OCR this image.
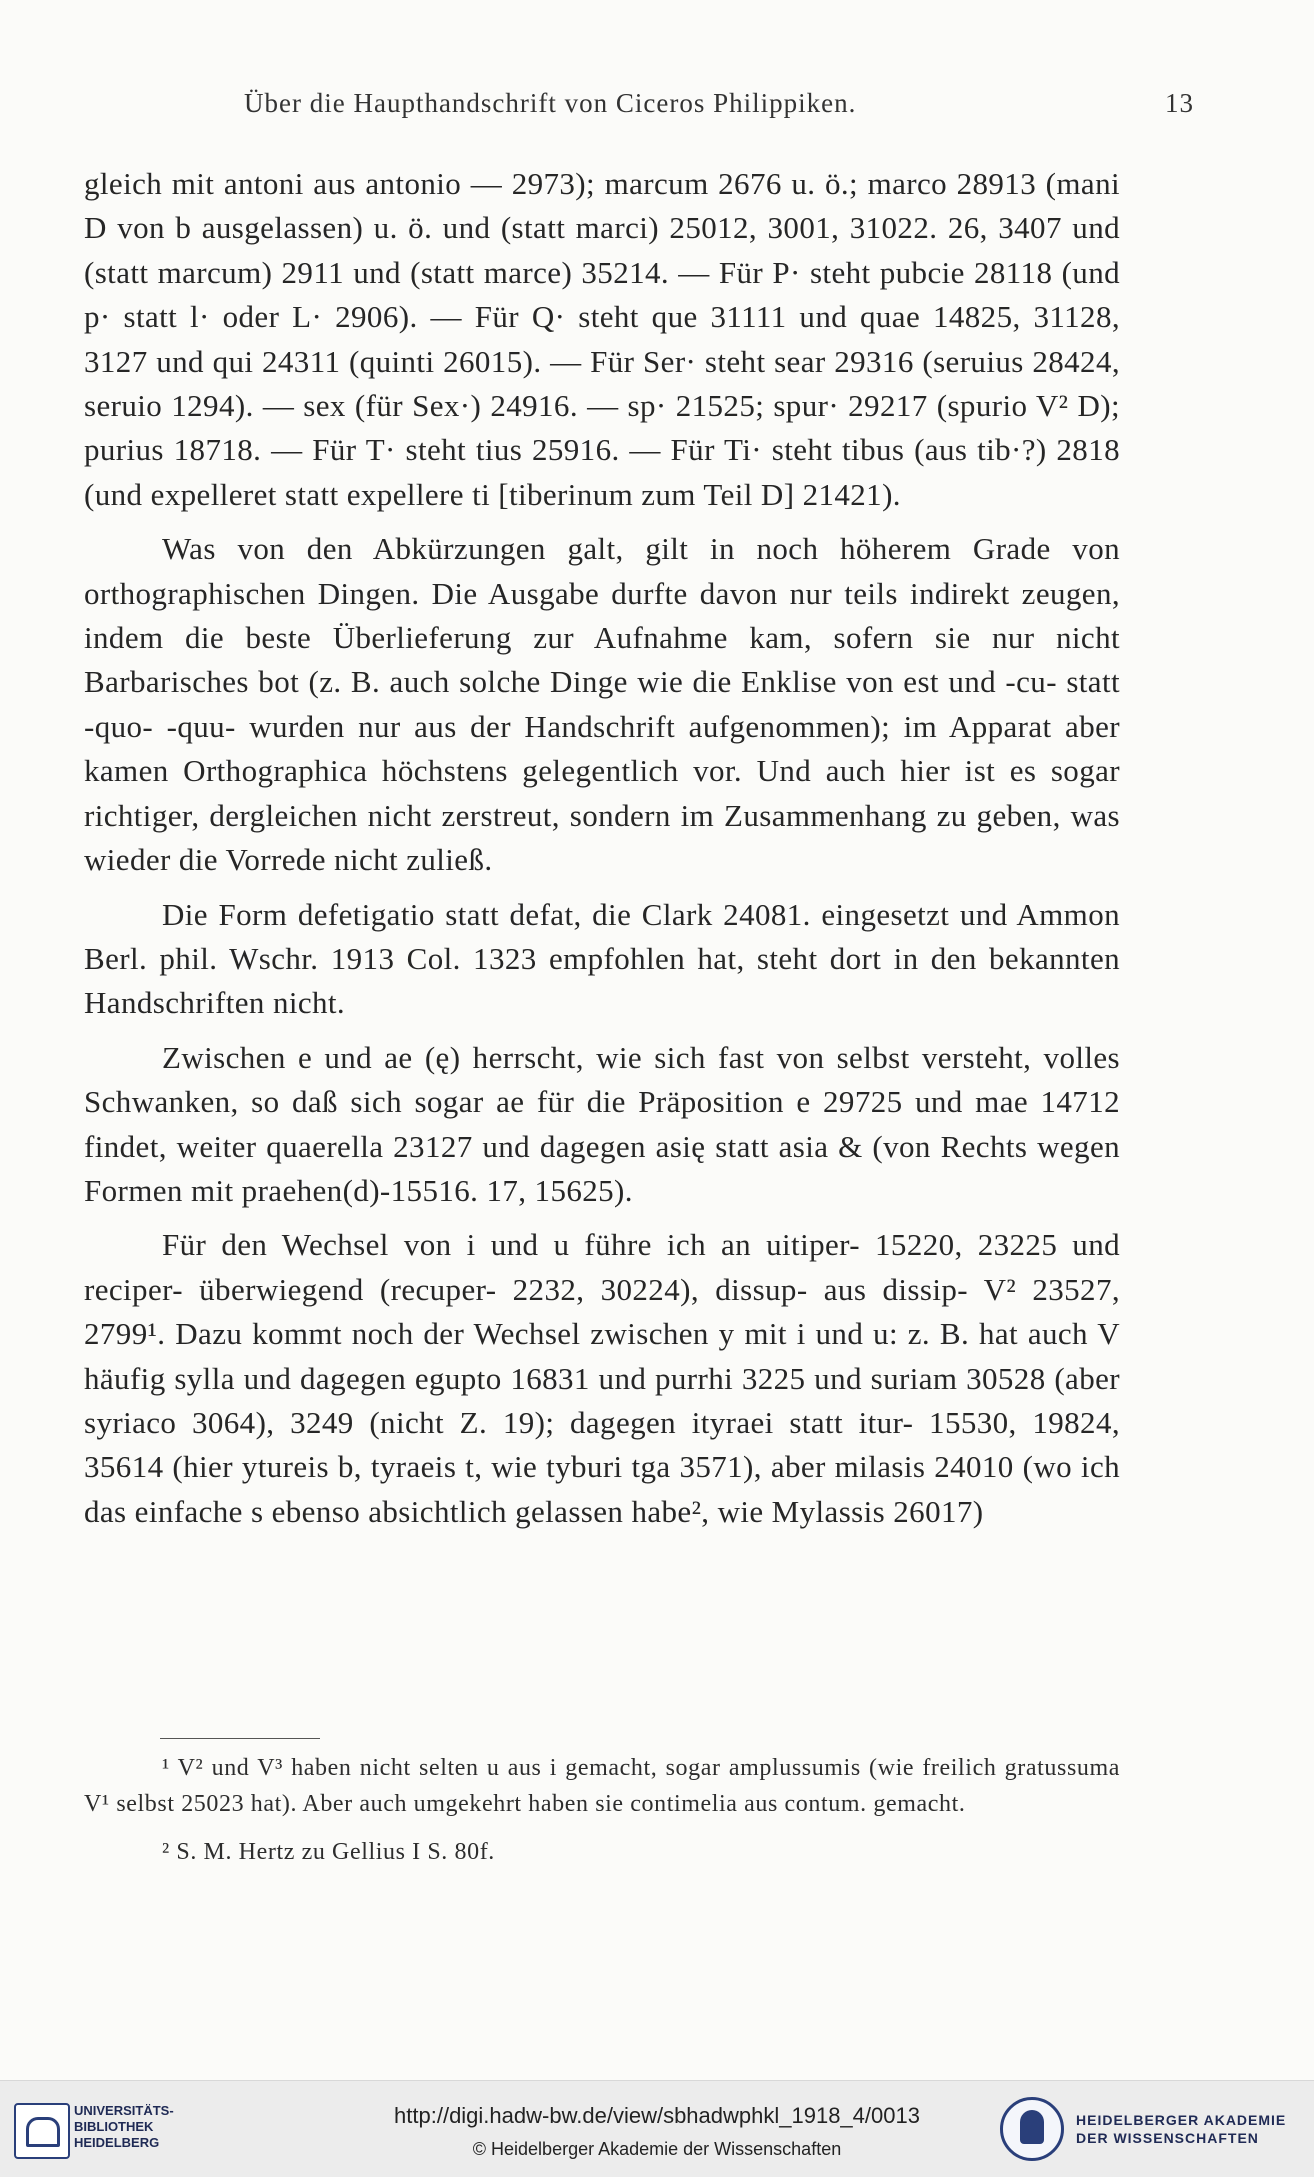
Über die Haupthandschrift von Ciceros Philippiken.	13

gleich mit antoni aus antonio — 2973); marcum 2676 u. ö.; marco 28913 (mani D von b ausgelassen) u. ö. und (statt marci) 25012, 3001, 31022. 26, 3407 und (statt marcum) 2911 und (statt marce) 35214. — Für P· steht pubcie 28118 (und p· statt l· oder L· 2906). — Für Q· steht que 31111 und quae 14825, 31128, 3127 und qui 24311 (quinti 26015). — Für Ser· steht sear 29316 (seruius 28424, seruio 1294). — sex (für Sex·) 24916. — sp· 21525; spur· 29217 (spurio V² D); purius 18718. — Für T· steht tius 25916. — Für Ti· steht tibus (aus tib·?) 2818 (und expelleret statt expellere ti [tiberinum zum Teil D] 21421).

Was von den Abkürzungen galt, gilt in noch höherem Grade von orthographischen Dingen. Die Ausgabe durfte davon nur teils indirekt zeugen, indem die beste Überlieferung zur Aufnahme kam, sofern sie nur nicht Barbarisches bot (z. B. auch solche Dinge wie die Enklise von est und -cu- statt -quo- -quu- wurden nur aus der Handschrift aufgenommen); im Apparat aber kamen Orthographica höchstens gelegentlich vor. Und auch hier ist es sogar richtiger, dergleichen nicht zerstreut, sondern im Zusammenhang zu geben, was wieder die Vorrede nicht zuließ.

Die Form defetigatio statt defat, die Clark 24081. eingesetzt und Ammon Berl. phil. Wschr. 1913 Col. 1323 empfohlen hat, steht dort in den bekannten Handschriften nicht.

Zwischen e und ae (ę) herrscht, wie sich fast von selbst versteht, volles Schwanken, so daß sich sogar ae für die Präposition e 29725 und mae 14712 findet, weiter quaerella 23127 und dagegen asię statt asia & (von Rechts wegen Formen mit praehen(d)-15516. 17, 15625).

Für den Wechsel von i und u führe ich an uitiper- 15220, 23225 und reciper- überwiegend (recuper- 2232, 30224), dissup- aus dissip- V² 23527, 2799¹. Dazu kommt noch der Wechsel zwischen y mit i und u: z. B. hat auch V häufig sylla und dagegen egupto 16831 und purrhi 3225 und suriam 30528 (aber syriaco 3064), 3249 (nicht Z. 19); dagegen ityraei statt itur- 15530, 19824, 35614 (hier ytureis b, tyraeis t, wie tyburi tga 3571), aber milasis 24010 (wo ich das einfache s ebenso absichtlich gelassen habe², wie Mylassis 26017)

¹ V² und V³ haben nicht selten u aus i gemacht, sogar amplussumis (wie freilich gratussuma V¹ selbst 25023 hat). Aber auch umgekehrt haben sie contimelia aus contum. gemacht.

² S. M. Hertz zu Gellius I S. 80f.

UNIVERSITÄTS-
BIBLIOTHEK
HEIDELBERG
http://digi.hadw-bw.de/view/sbhadwphkl_1918_4/0013
© Heidelberger Akademie der Wissenschaften
HEIDELBERGER AKADEMIE
DER WISSENSCHAFTEN
